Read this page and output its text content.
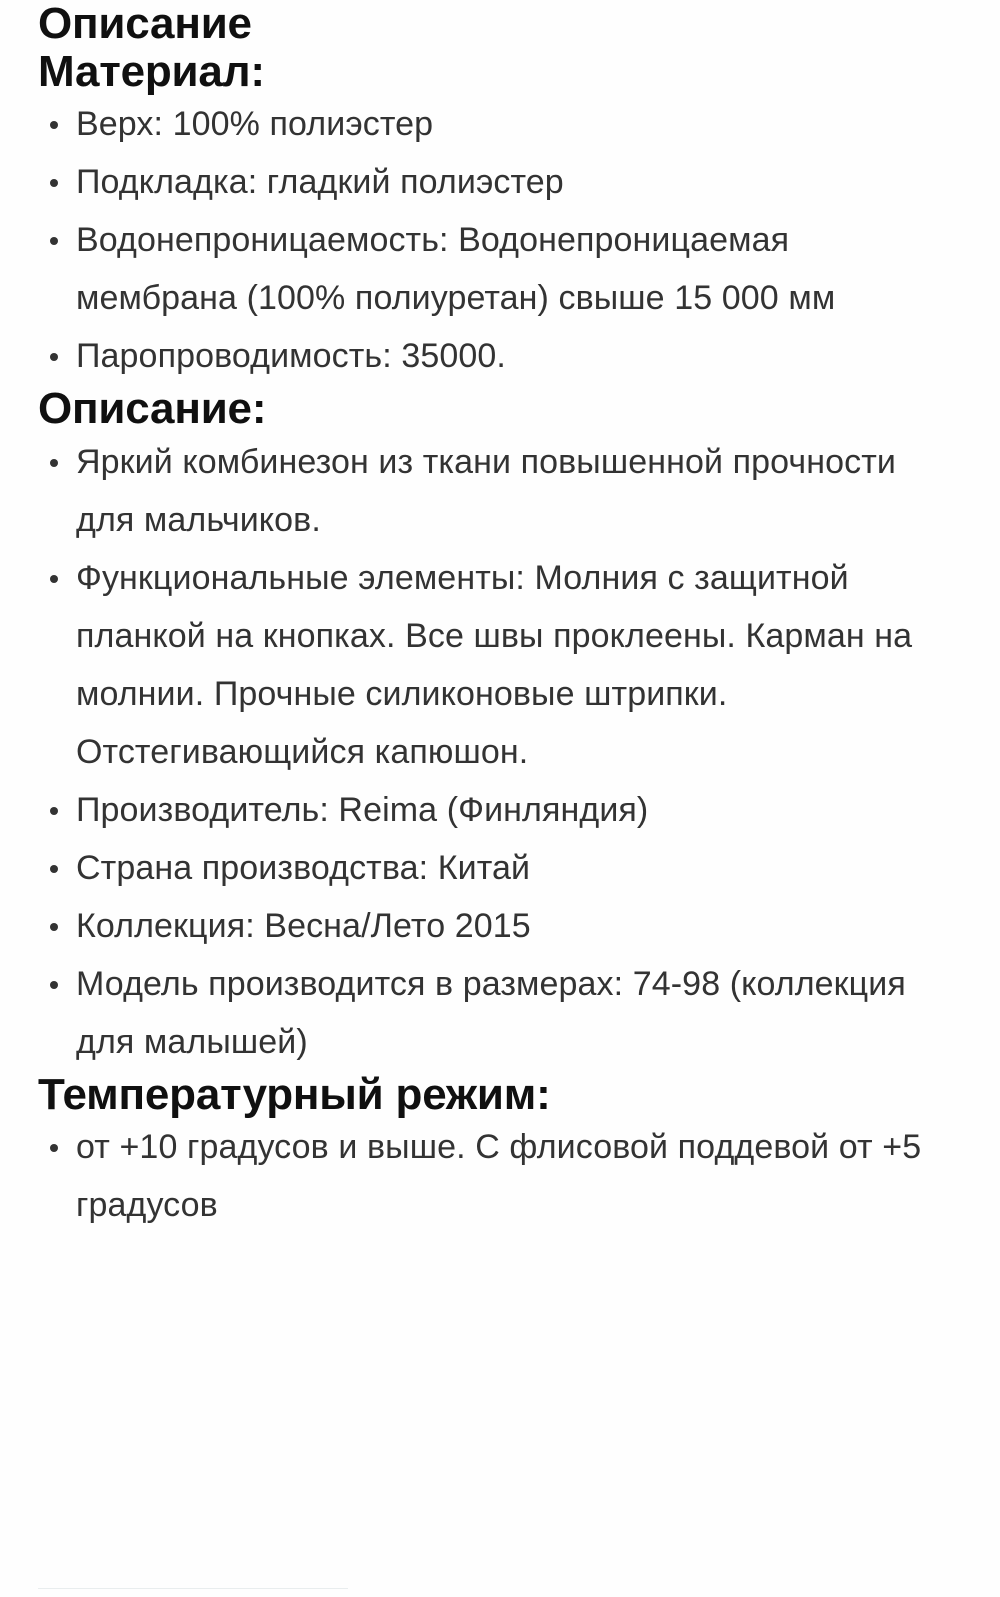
Описание
Материал:
Верх: 100% полиэстер
Подкладка: гладкий полиэстер
Водонепроницаемость: Водонепроницаемая мембрана (100% полиуретан) свыше 15 000 мм
Паропроводимость: 35000.
Описание:
Яркий комбинезон из ткани повышенной прочности для мальчиков.
Функциональные элементы: Молния с защитной планкой на кнопках. Все швы проклеены. Карман на молнии. Прочные силиконовые штрипки. Отстегивающийся капюшон.
Производитель: Reima (Финляндия)
Страна производства: Китай
Коллекция: Весна/Лето 2015
Модель производится в размерах: 74-98 (коллекция для малышей)
Температурный режим:
от +10 градусов и выше. С флисовой поддевой от +5 градусов
